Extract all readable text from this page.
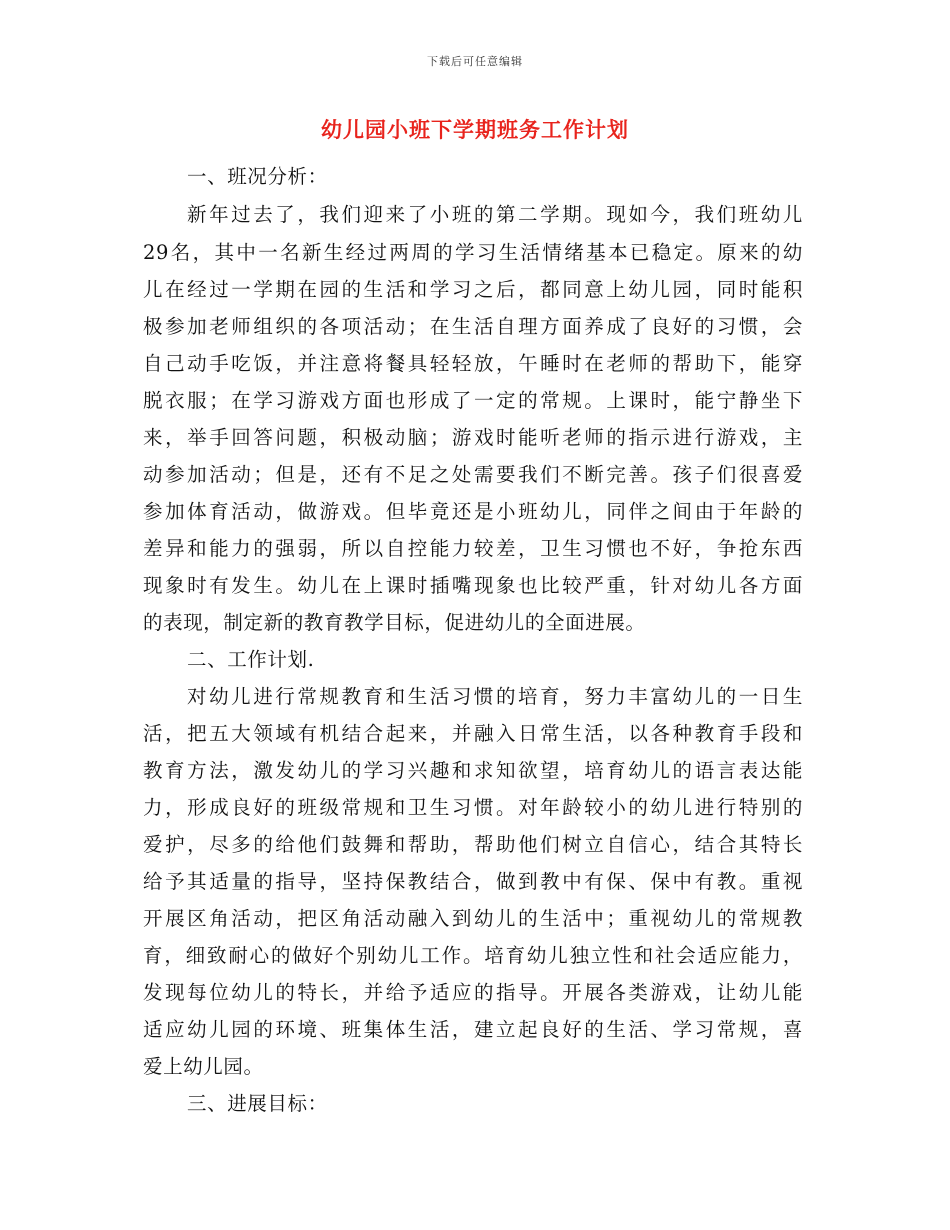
下载后可任意编辑
幼儿园小班下学期班务工作计划
一、班况分析：
新年过去了，我们迎来了小班的第二学期。现如今，我们班幼儿
29名，其中一名新生经过两周的学习生活情绪基本已稳定。原来的幼
儿在经过一学期在园的生活和学习之后，都同意上幼儿园，同时能积
极参加老师组织的各项活动；在生活自理方面养成了良好的习惯，会
自己动手吃饭，并注意将餐具轻轻放，午睡时在老师的帮助下，能穿
脱衣服；在学习游戏方面也形成了一定的常规。上课时，能宁静坐下
来，举手回答问题，积极动脑；游戏时能听老师的指示进行游戏，主
动参加活动；但是，还有不足之处需要我们不断完善。孩子们很喜爱
参加体育活动，做游戏。但毕竟还是小班幼儿，同伴之间由于年龄的
差异和能力的强弱，所以自控能力较差，卫生习惯也不好，争抢东西
现象时有发生。幼儿在上课时插嘴现象也比较严重，针对幼儿各方面
的表现，制定新的教育教学目标，促进幼儿的全面进展。
二、工作计划.
对幼儿进行常规教育和生活习惯的培育，努力丰富幼儿的一日生
活，把五大领域有机结合起来，并融入日常生活，以各种教育手段和
教育方法，激发幼儿的学习兴趣和求知欲望，培育幼儿的语言表达能
力，形成良好的班级常规和卫生习惯。对年龄较小的幼儿进行特别的
爱护，尽多的给他们鼓舞和帮助，帮助他们树立自信心，结合其特长
给予其适量的指导，坚持保教结合，做到教中有保、保中有教。重视
开展区角活动，把区角活动融入到幼儿的生活中；重视幼儿的常规教
育，细致耐心的做好个别幼儿工作。培育幼儿独立性和社会适应能力，
发现每位幼儿的特长，并给予适应的指导。开展各类游戏，让幼儿能
适应幼儿园的环境、班集体生活，建立起良好的生活、学习常规，喜
爱上幼儿园。
三、进展目标：
